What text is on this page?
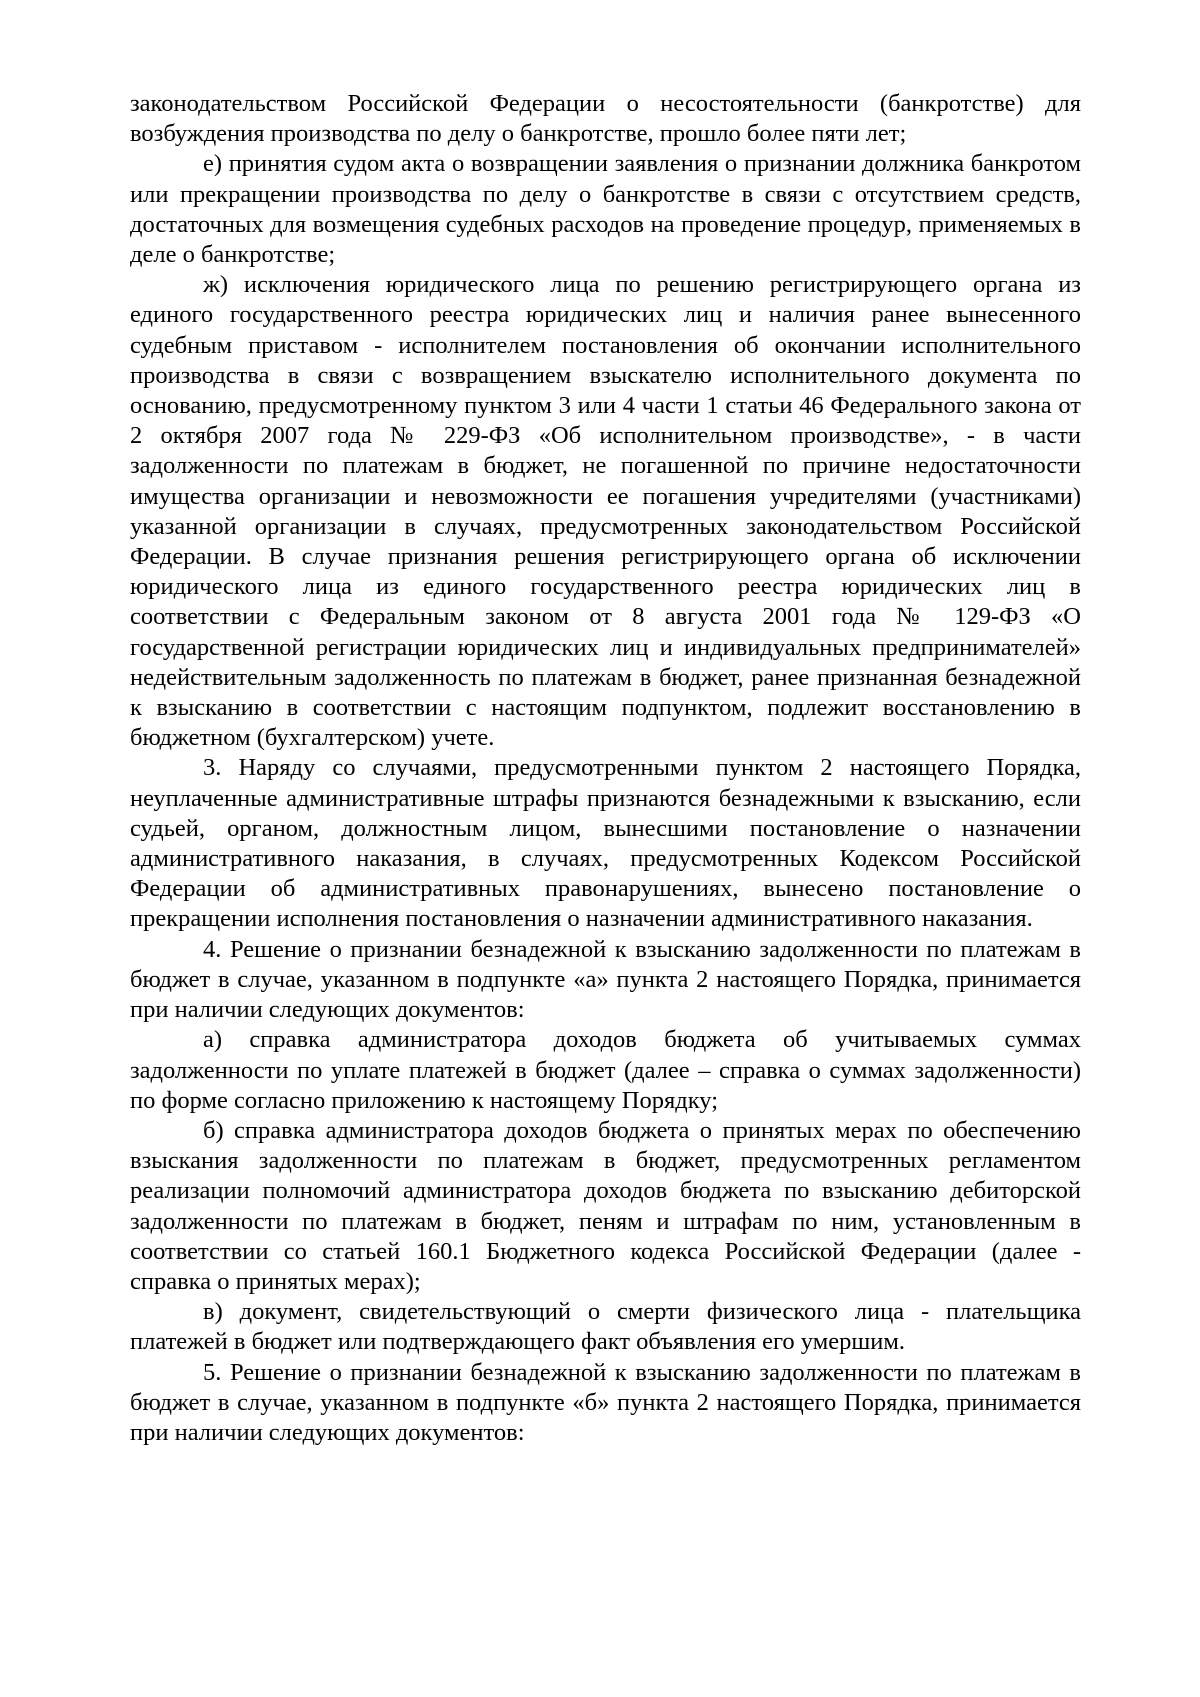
законодательством Российской Федерации о несостоятельности (банкротстве) для возбуждения производства по делу о банкротстве, прошло более пяти лет;

е) принятия судом акта о возвращении заявления о признании должника банкротом или прекращении производства по делу о банкротстве в связи с отсутствием средств, достаточных для возмещения судебных расходов на проведение процедур, применяемых в деле о банкротстве;

ж) исключения юридического лица по решению регистрирующего органа из единого государственного реестра юридических лиц и наличия ранее вынесенного судебным приставом - исполнителем постановления об окончании исполнительного производства в связи с возвращением взыскателю исполнительного документа по основанию, предусмотренному пунктом 3 или 4 части 1 статьи 46 Федерального закона от 2 октября 2007 года № 229-ФЗ «Об исполнительном производстве», - в части задолженности по платежам в бюджет, не погашенной по причине недостаточности имущества организации и невозможности ее погашения учредителями (участниками) указанной организации в случаях, предусмотренных законодательством Российской Федерации. В случае признания решения регистрирующего органа об исключении юридического лица из единого государственного реестра юридических лиц в соответствии с Федеральным законом от 8 августа 2001 года № 129-ФЗ «О государственной регистрации юридических лиц и индивидуальных предпринимателей» недействительным задолженность по платежам в бюджет, ранее признанная безнадежной к взысканию в соответствии с настоящим подпунктом, подлежит восстановлению в бюджетном (бухгалтерском) учете.

3. Наряду со случаями, предусмотренными пунктом 2 настоящего Порядка, неуплаченные административные штрафы признаются безнадежными к взысканию, если судьей, органом, должностным лицом, вынесшими постановление о назначении административного наказания, в случаях, предусмотренных Кодексом Российской Федерации об административных правонарушениях, вынесено постановление о прекращении исполнения постановления о назначении административного наказания.

4. Решение о признании безнадежной к взысканию задолженности по платежам в бюджет в случае, указанном в подпункте «а» пункта 2 настоящего Порядка, принимается при наличии следующих документов:

а) справка администратора доходов бюджета об учитываемых суммах задолженности по уплате платежей в бюджет (далее – справка о суммах задолженности) по форме согласно приложению к настоящему Порядку;

б) справка администратора доходов бюджета о принятых мерах по обеспечению взыскания задолженности по платежам в бюджет, предусмотренных регламентом реализации полномочий администратора доходов бюджета по взысканию дебиторской задолженности по платежам в бюджет, пеням и штрафам по ним, установленным в соответствии со статьей 160.1 Бюджетного кодекса Российской Федерации (далее - справка о принятых мерах);

в) документ, свидетельствующий о смерти физического лица - плательщика платежей в бюджет или подтверждающего факт объявления его умершим.

5. Решение о признании безнадежной к взысканию задолженности по платежам в бюджет в случае, указанном в подпункте «б» пункта 2 настоящего Порядка, принимается при наличии следующих документов:
